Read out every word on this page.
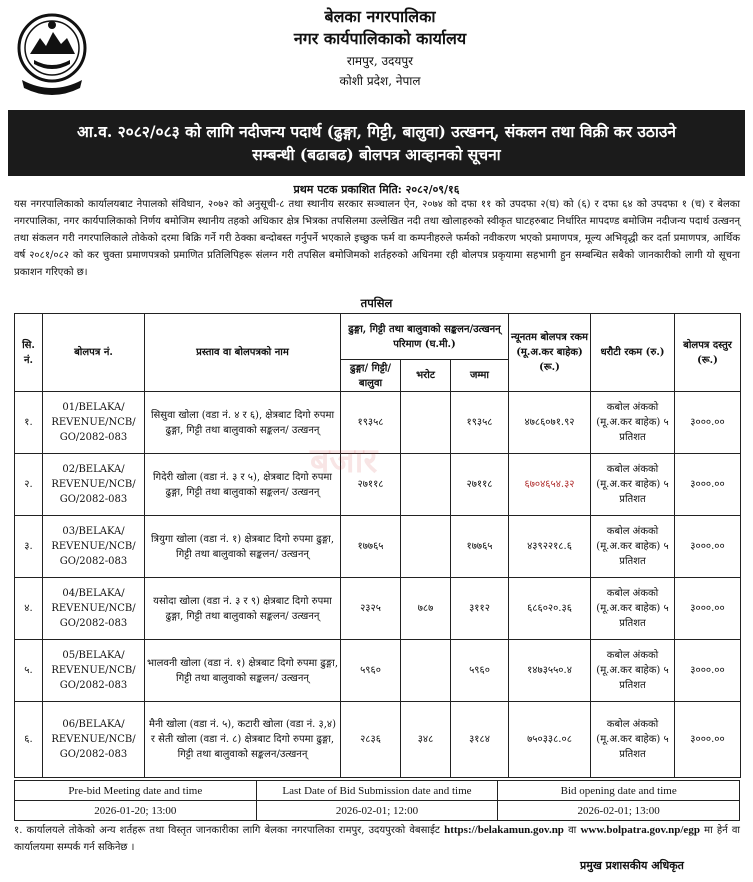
बेलका नगरपालिका
नगर कार्यपालिकाको कार्यालय
रामपुर, उदयपुर
कोशी प्रदेश, नेपाल
आ.व. २०८२/०८३ को लागि नदीजन्य पदार्थ (ढुङ्गा, गिट्टी, बालुवा) उत्खनन्, संकलन तथा विक्री कर उठाउने
सम्बन्धी (बढाबढ) बोलपत्र आव्हानको सूचना
प्रथम पटक प्रकाशित मिति: २०८२/०९/१६
यस नगरपालिकाको कार्यालयबाट नेपालको संविधान, २०७२ को अनुसूची-८ तथा स्थानीय सरकार सञ्चालन ऐन, २०७४ को दफा ११ को उपदफा २(घ) को (६) र दफा ६४ को उपदफा १ (च) र बेलका नगरपालिका, नगर कार्यपालिकाको निर्णय बमोजिम स्थानीय तहको अधिकार क्षेत्र भित्रका तपसिलमा उल्लेखित नदी तथा खोलाहरुको स्वीकृत घाटहरुबाट निर्धारित मापदण्ड बमोजिम नदीजन्य पदार्थ उत्खनन् तथा संकलन गरी नगरपालिकाले तोकेको दरमा बिक्रि गर्ने गरी ठेक्का बन्दोबस्त गर्नुपर्ने भएकाले इच्छुक फर्म वा कम्पनीहरुले फर्मको नवीकरण भएको प्रमाणपत्र, मूल्य अभिवृद्धी कर दर्ता प्रमाणपत्र, आर्थिक वर्ष २०८१/०८२ को कर चुक्ता प्रमाणपत्रको प्रमाणित प्रतिलिपिहरू संलग्न गरी तपसिल बमोजिमको शर्तहरुको अधिनमा रही बोलपत्र प्रकृयामा सहभागी हुन सम्बन्धित सबैको जानकारीको लागी यो सूचना प्रकाशन गरिएको छ।
तपसिल
सि. नं.	बोलपत्र नं.	प्रस्ताव वा बोलपत्रको नाम	ढुङ्गा, गिट्टी तथा बालुवाको सङ्कलन/उत्खनन् परिमाण (घ.मी.)			न्यूनतम बोलपत्र रकम (मू.अ.कर बाहेक) (रू.)	धरौटी रकम (रु.)	बोलपत्र दस्तुर (रू.)
			ढुङ्गा/ गिट्टी/ बालुवा	भरोट	जम्मा			
१.	01/BELAKA/ REVENUE/NCB/ GO/2082-083	सिसुवा खोला (वडा नं. ४ र ६), क्षेत्रबाट दिगो रुपमा ढुङ्गा, गिट्टी तथा बालुवाको सङ्कलन/ उत्खनन्	१९३५८		१९३५८	४७८६०७१.९२	कबोल अंकको (मू.अ.कर बाहेक) ५ प्रतिशत	३०००.००
२.	02/BELAKA/ REVENUE/NCB/ GO/2082-083	गिदेरी खोला (वडा नं. ३ र ५), क्षेत्रबाट दिगो रुपमा ढुङ्गा, गिट्टी तथा बालुवाको सङ्कलन/ उत्खनन्	२७११८		२७११८	६७०४६५४.३२	कबोल अंकको (मू.अ.कर बाहेक) ५ प्रतिशत	३०००.००
३.	03/BELAKA/ REVENUE/NCB/ GO/2082-083	त्रियुगा खोला (वडा नं. १) क्षेत्रबाट दिगो रुपमा ढुङ्गा, गिट्टी तथा बालुवाको सङ्कलन/ उत्खनन्	१७७६५		१७७६५	४३९२२१८.६	कबोल अंकको (मू.अ.कर बाहेक) ५ प्रतिशत	३०००.००
४.	04/BELAKA/ REVENUE/NCB/ GO/2082-083	यसोदा खोला (वडा नं. ३ र ९) क्षेत्रबाट दिगो रुपमा ढुङ्गा, गिट्टी तथा बालुवाको सङ्कलन/ उत्खनन्	२३२५	७८७	३११२	६८६०२०.३६	कबोल अंकको (मू.अ.कर बाहेक) ५ प्रतिशत	३०००.००
५.	05/BELAKA/ REVENUE/NCB/ GO/2082-083	भालवनी खोला (वडा नं. १) क्षेत्रबाट दिगो रुपमा ढुङ्गा, गिट्टी तथा बालुवाको सङ्कलन/ उत्खनन्	५९६०		५९६०	१४७३५५०.४	कबोल अंकको (मू.अ.कर बाहेक) ५ प्रतिशत	३०००.००
६.	06/BELAKA/ REVENUE/NCB/ GO/2082-083	मैनी खोला (वडा नं. ५), कटारी खोला (वडा नं. ३,४) र सेती खोला (वडा नं. ८) क्षेत्रबाट दिगो रुपमा ढुङ्गा, गिट्टी तथा बालुवाको सङ्कलन/उत्खनन्	२८३६	३४८	३१८४	७५०३३८.०८	कबोल अंकको (मू.अ.कर बाहेक) ५ प्रतिशत	३०००.००
बजार
Pre-bid Meeting date and time	Last Date of Bid Submission date and time	Bid opening date and time
2026-01-20; 13:00	2026-02-01; 12:00	2026-02-01; 13:00
१. कार्यालयले तोकेको अन्य शर्तहरू तथा विस्तृत जानकारीका लागि बेलका नगरपालिका रामपुर, उदयपुरको वेबसाईट https://belakamun.gov.np वा www.bolpatra.gov.np/egp मा हेर्न वा कार्यालयमा सम्पर्क गर्न सकिनेछ ।
प्रमुख प्रशासकीय अधिकृत
